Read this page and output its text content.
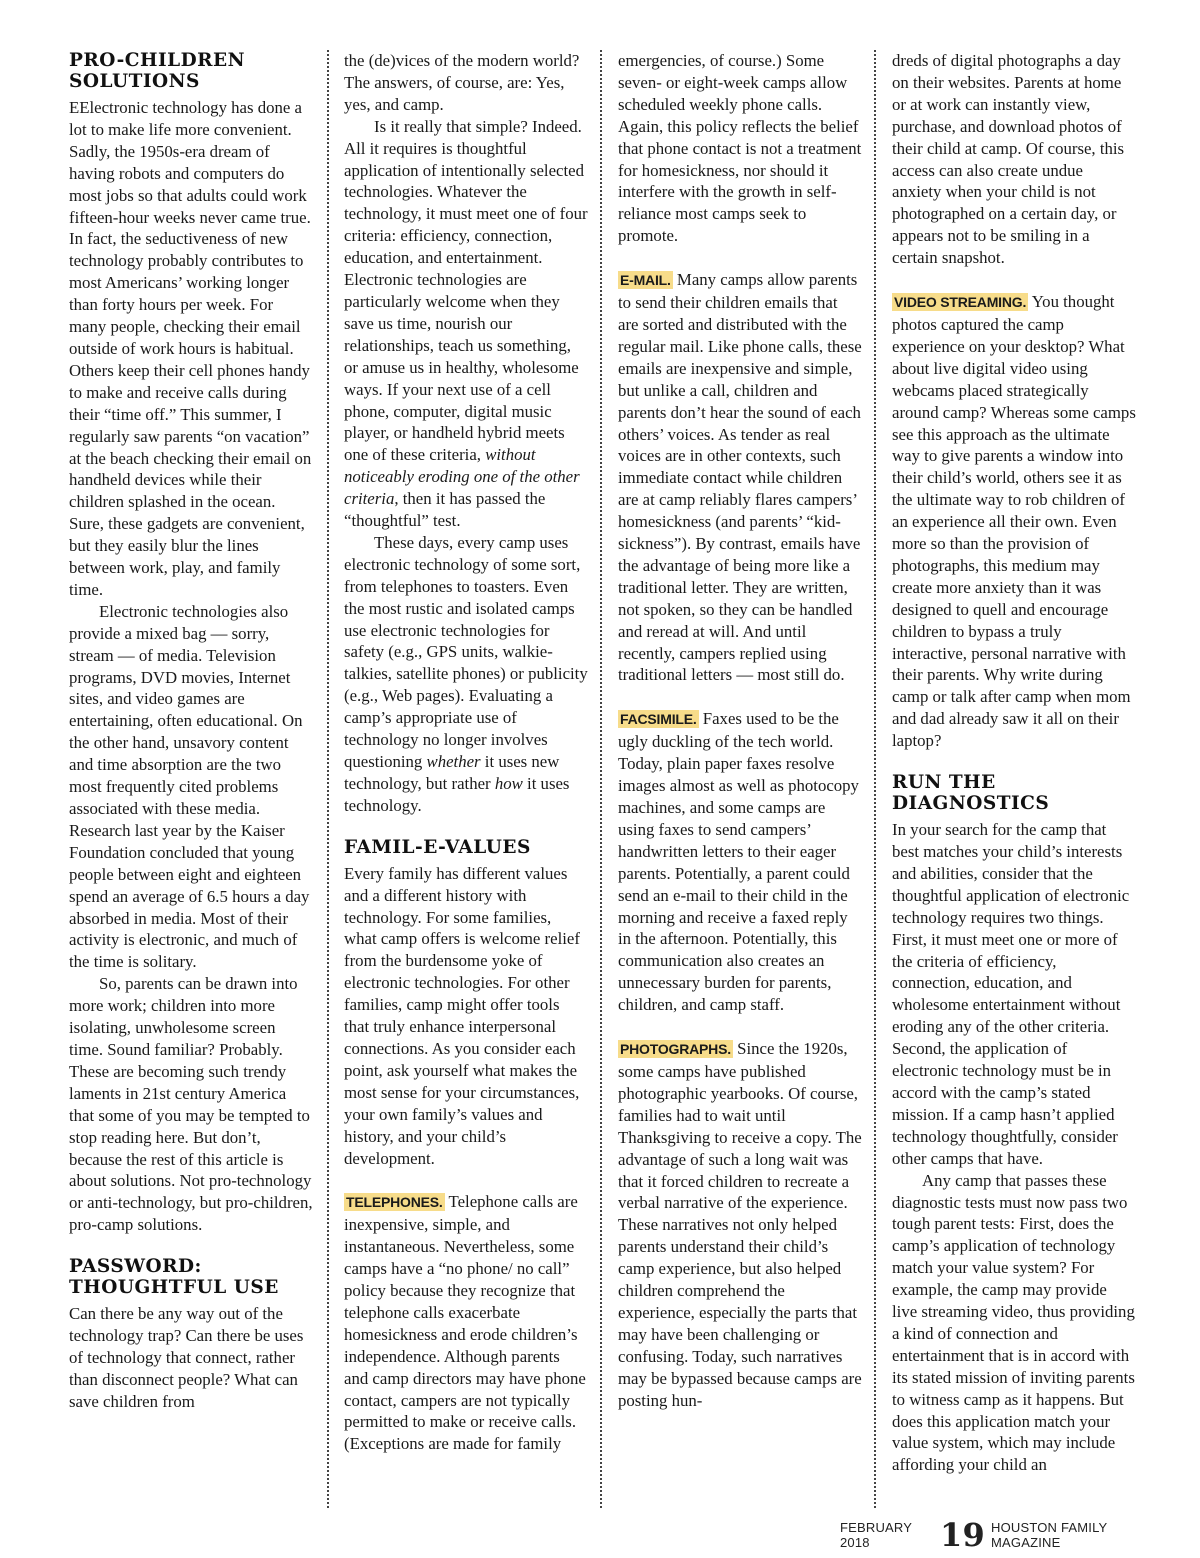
PRO-CHILDREN SOLUTIONS

EElectronic technology has done a lot to make life more convenient. Sadly, the 1950s-era dream of having robots and computers do most jobs so that adults could work fifteen-hour weeks never came true. In fact, the seductiveness of new technology probably contributes to most Americans’ working longer than forty hours per week. For many people, checking their email outside of work hours is habitual. Others keep their cell phones handy to make and receive calls during their “time off.” This summer, I regularly saw parents “on vacation” at the beach checking their email on handheld devices while their children splashed in the ocean. Sure, these gadgets are convenient, but they easily blur the lines between work, play, and family time.

Electronic technologies also provide a mixed bag — sorry, stream — of media. Television programs, DVD movies, Internet sites, and video games are entertaining, often educational. On the other hand, unsavory content and time absorption are the two most frequently cited problems associated with these media. Research last year by the Kaiser Foundation concluded that young people between eight and eighteen spend an average of 6.5 hours a day absorbed in media. Most of their activity is electronic, and much of the time is solitary.

So, parents can be drawn into more work; children into more isolating, unwholesome screen time. Sound familiar? Probably. These are becoming such trendy laments in 21st century America that some of you may be tempted to stop reading here. But don’t, because the rest of this article is about solutions. Not pro-technology or anti-technology, but pro-children, pro-camp solutions.

PASSWORD: THOUGHTFUL USE

Can there be any way out of the technology trap? Can there be uses of technology that connect, rather than disconnect people? What can save children from

the (de)vices of the modern world? The answers, of course, are: Yes, yes, and camp.

Is it really that simple? Indeed. All it requires is thoughtful application of intentionally selected technologies. Whatever the technology, it must meet one of four criteria: efficiency, connection, education, and entertainment. Electronic technologies are particularly welcome when they save us time, nourish our relationships, teach us something, or amuse us in healthy, wholesome ways. If your next use of a cell phone, computer, digital music player, or handheld hybrid meets one of these criteria, without noticeably eroding one of the other criteria, then it has passed the “thoughtful” test.

These days, every camp uses electronic technology of some sort, from telephones to toasters. Even the most rustic and isolated camps use electronic technologies for safety (e.g., GPS units, walkie-talkies, satellite phones) or publicity (e.g., Web pages). Evaluating a camp’s appropriate use of technology no longer involves questioning whether it uses new technology, but rather how it uses technology.

FAMIL-E-VALUES

Every family has different values and a different history with technology. For some families, what camp offers is welcome relief from the burdensome yoke of electronic technologies. For other families, camp might offer tools that truly enhance interpersonal connections. As you consider each point, ask yourself what makes the most sense for your circumstances, your own family’s values and history, and your child’s development.

TELEPHONES. Telephone calls are inexpensive, simple, and instantaneous. Nevertheless, some camps have a “no phone/ no call” policy because they recognize that telephone calls exacerbate homesickness and erode children’s independence. Although parents and camp directors may have phone contact, campers are not typically permitted to make or receive calls. (Exceptions are made for family

emergencies, of course.) Some seven- or eight-week camps allow scheduled weekly phone calls. Again, this policy reflects the belief that phone contact is not a treatment for homesickness, nor should it interfere with the growth in self-reliance most camps seek to promote.

E-MAIL. Many camps allow parents to send their children emails that are sorted and distributed with the regular mail. Like phone calls, these emails are inexpensive and simple, but unlike a call, children and parents don’t hear the sound of each others’ voices. As tender as real voices are in other contexts, such immediate contact while children are at camp reliably flares campers’ homesickness (and parents’ “kid-sickness”). By contrast, emails have the advantage of being more like a traditional letter. They are written, not spoken, so they can be handled and reread at will. And until recently, campers replied using traditional letters — most still do.

FACSIMILE. Faxes used to be the ugly duckling of the tech world. Today, plain paper faxes resolve images almost as well as photocopy machines, and some camps are using faxes to send campers’ handwritten letters to their eager parents. Potentially, a parent could send an e-mail to their child in the morning and receive a faxed reply in the afternoon. Potentially, this communication also creates an unnecessary burden for parents, children, and camp staff.

PHOTOGRAPHS. Since the 1920s, some camps have published photographic yearbooks. Of course, families had to wait until Thanksgiving to receive a copy. The advantage of such a long wait was that it forced children to recreate a verbal narrative of the experience. These narratives not only helped parents understand their child’s camp experience, but also helped children comprehend the experience, especially the parts that may have been challenging or confusing. Today, such narratives may be bypassed because camps are posting hun-

dreds of digital photographs a day on their websites. Parents at home or at work can instantly view, purchase, and download photos of their child at camp. Of course, this access can also create undue anxiety when your child is not photographed on a certain day, or appears not to be smiling in a certain snapshot.

VIDEO STREAMING. You thought photos captured the camp experience on your desktop? What about live digital video using webcams placed strategically around camp? Whereas some camps see this approach as the ultimate way to give parents a window into their child’s world, others see it as the ultimate way to rob children of an experience all their own. Even more so than the provision of photographs, this medium may create more anxiety than it was designed to quell and encourage children to bypass a truly interactive, personal narrative with their parents. Why write during camp or talk after camp when mom and dad already saw it all on their laptop?

RUN THE DIAGNOSTICS

In your search for the camp that best matches your child’s interests and abilities, consider that the thoughtful application of electronic technology requires two things. First, it must meet one or more of the criteria of efficiency, connection, education, and wholesome entertainment without eroding any of the other criteria. Second, the application of electronic technology must be in accord with the camp’s stated mission. If a camp hasn’t applied technology thoughtfully, consider other camps that have.

Any camp that passes these diagnostic tests must now pass two tough parent tests: First, does the camp’s application of technology match your value system? For example, the camp may provide live streaming video, thus providing a kind of connection and entertainment that is in accord with its stated mission of inviting parents to witness camp as it happens. But does this application match your value system, which may include affording your child an

FEBRUARY 2018	19 HOUSTON FAMILY MAGAZINE
